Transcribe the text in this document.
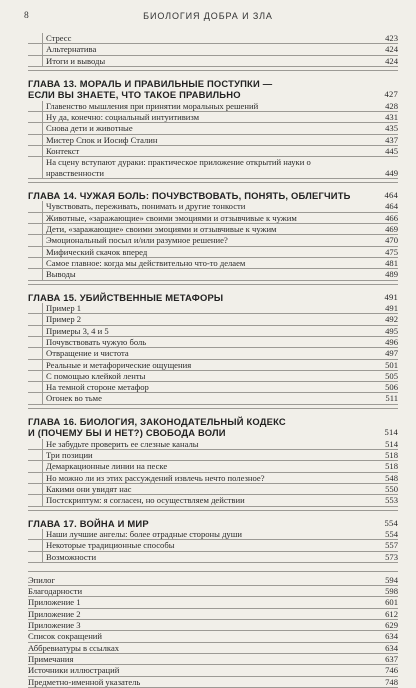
8	БИОЛОГИЯ ДОБРА И ЗЛА
Стресс	423
Альтернатива	424
Итоги и выводы	424
ГЛАВА 13. МОРАЛЬ И ПРАВИЛЬНЫЕ ПОСТУПКИ —
ЕСЛИ ВЫ ЗНАЕТЕ, ЧТО ТАКОЕ ПРАВИЛЬНО	427
Главенство мышления при принятии моральных решений	428
Ну да, конечно: социальный интуитивизм	431
Снова дети и животные	435
Мистер Спок и Иосиф Сталин	437
Контекст	445
На сцену вступают дураки: практическое приложение открытий науки о нравственности	449
ГЛАВА 14. ЧУЖАЯ БОЛЬ: ПОЧУВСТВОВАТЬ, ПОНЯТЬ, ОБЛЕГЧИТЬ	464
Чувствовать, переживать, понимать и другие тонкости	464
Животные, «заражающие» своими эмоциями и отзывчивые к чужим	466
Дети, «заражающие» своими эмоциями и отзывчивые к чужим	469
Эмоциональный посыл и/или разумное решение?	470
Мифический скачок вперед	475
Самое главное: когда мы действительно что-то делаем	481
Выводы	489
ГЛАВА 15. УБИЙСТВЕННЫЕ МЕТАФОРЫ	491
Пример 1	491
Пример 2	492
Примеры 3, 4 и 5	495
Почувствовать чужую боль	496
Отвращение и чистота	497
Реальные и метафорические ощущения	501
С помощью клейкой ленты	505
На темной стороне метафор	506
Огонек во тьме	511
ГЛАВА 16. БИОЛОГИЯ, ЗАКОНОДАТЕЛЬНЫЙ КОДЕКС
И (ПОЧЕМУ БЫ И НЕТ?) СВОБОДА ВОЛИ	514
Не забудьте проверить ее слезные каналы	514
Три позиции	518
Демаркационные линии на песке	518
Но можно ли из этих рассуждений извлечь нечто полезное?	548
Какими они увидят нас	550
Постскриптум: я согласен, но осуществляем действии	553
ГЛАВА 17. ВОЙНА И МИР	554
Наши лучшие ангелы: более отрадные стороны души	554
Некоторые традиционные способы	557
Возможности	573
Эпилог	594
Благодарности	598
Приложение 1	601
Приложение 2	612
Приложение 3	629
Список сокращений	634
Аббревиатуры в ссылках	634
Примечания	637
Источники иллюстраций	746
Предметно-именной указатель	748
